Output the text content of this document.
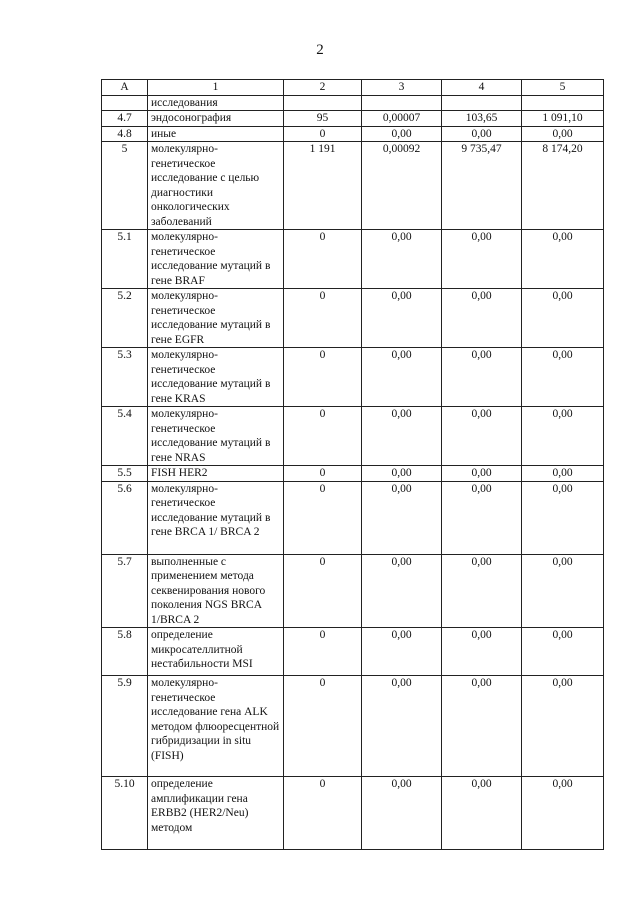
2
А	1	2	3	4	5
	исследования				
4.7	эндосонография	95	0,00007	103,65	1 091,10
4.8	иные	0	0,00	0,00	0,00
5	молекулярно-генетическое исследование с целью диагностики онкологических заболеваний	1 191	0,00092	9 735,47	8 174,20
5.1	молекулярно-генетическое исследование мутаций в гене BRAF	0	0,00	0,00	0,00
5.2	молекулярно-генетическое исследование мутаций в гене EGFR	0	0,00	0,00	0,00
5.3	молекулярно-генетическое исследование мутаций в гене KRAS	0	0,00	0,00	0,00
5.4	молекулярно-генетическое исследование мутаций в гене NRAS	0	0,00	0,00	0,00
5.5	FISH HER2	0	0,00	0,00	0,00
5.6	молекулярно-генетическое исследование мутаций в гене BRCA 1/ BRCA 2	0	0,00	0,00	0,00
5.7	выполненные с применением метода секвенирования нового поколения NGS BRCA 1/BRCA 2	0	0,00	0,00	0,00
5.8	определение микросателлитной нестабильности MSI	0	0,00	0,00	0,00
5.9	молекулярно-генетическое исследование гена ALK методом флюоресцентной гибридизации in situ (FISH)	0	0,00	0,00	0,00
5.10	определение амплификации гена ERBB2 (HER2/Neu) методом	0	0,00	0,00	0,00
